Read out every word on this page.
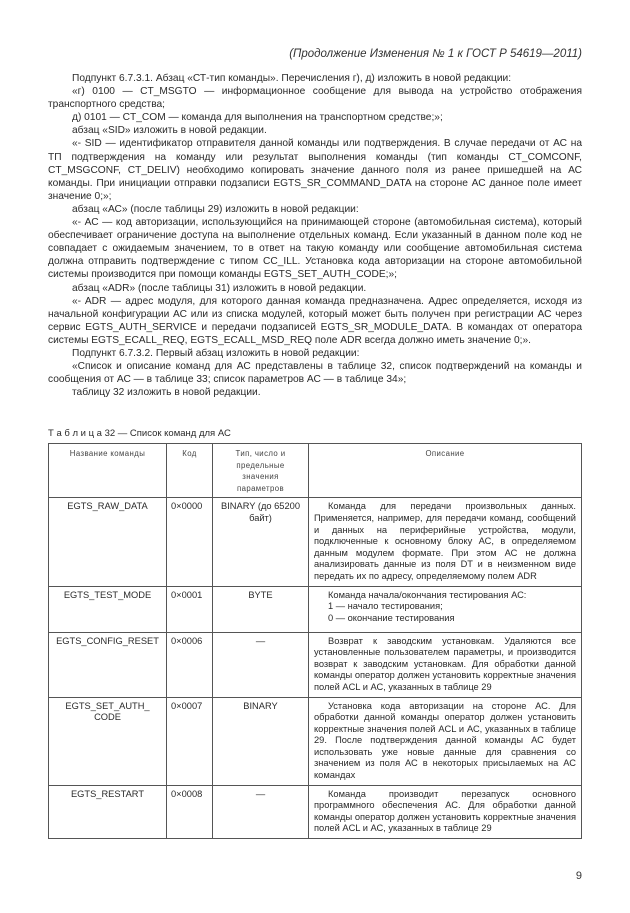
(Продолжение Изменения № 1 к ГОСТ Р 54619—2011)

Подпункт 6.7.3.1. Абзац «СТ-тип команды». Перечисления г), д) изложить в новой редакции:

«г) 0100 — CT_MSGTO — информационное сообщение для вывода на устройство отображения транспортного средства;

д) 0101 — CT_COM — команда для выполнения на транспортном средстве;»;

абзац «SID» изложить в новой редакции.

«- SID — идентификатор отправителя данной команды или подтверждения. В случае передачи от АС на ТП подтверждения на команду или результат выполнения команды (тип команды CT_COMCONF, CT_MSGCONF, CT_DELIV) необходимо копировать значение данного поля из ранее пришедшей на АС команды. При инициации отправки подзаписи EGTS_SR_COMMAND_DATA на стороне АС данное поле имеет значение 0;»;

абзац «АС» (после таблицы 29) изложить в новой редакции:

«- АС — код авторизации, использующийся на принимающей стороне (автомобильная система), который обеспечивает ограничение доступа на выполнение отдельных команд. Если указанный в данном поле код не совпадает с ожидаемым значением, то в ответ на такую команду или сообщение автомобильная система должна отправить подтверждение с типом CC_ILL. Установка кода авторизации на стороне автомобильной системы производится при помощи команды EGTS_SET_AUTH_CODE;»;

абзац «ADR» (после таблицы 31) изложить в новой редакции.

«- ADR — адрес модуля, для которого данная команда предназначена. Адрес определяется, исходя из начальной конфигурации АС или из списка модулей, который может быть получен при регистрации АС через сервис EGTS_AUTH_SERVICE и передачи подзаписей EGTS_SR_MODULE_DATA. В командах от оператора системы EGTS_ECALL_REQ, EGTS_ECALL_MSD_REQ поле ADR всегда должно иметь значение 0;».

Подпункт 6.7.3.2. Первый абзац изложить в новой редакции:

«Список и описание команд для АС представлены в таблице 32, список подтверждений на команды и сообщения от АС — в таблице 33; список параметров АС — в таблице 34»;

таблицу 32 изложить в новой редакции.

Т а б л и ц а 32 — Список команд для АС
Название команды	Код	Тип, число и предельные значения параметров	Описание
EGTS_RAW_DATA	0×0000	BINARY (до 65200 байт)	Команда для передачи произвольных данных. Применяется, например, для передачи команд, сообщений и данных на периферийные устройства, модули, подключенные к основному блоку АС, в определяемом данным модулем формате. При этом АС не должна анализировать данные из поля DT и в неизменном виде передать их по адресу, определяемому полем ADR
EGTS_TEST_MODE	0×0001	BYTE	Команда начала/окончания тестирования АС:
1 — начало тестирования;
0 — окончание тестирования

EGTS_CONFIG_RESET	0×0006	—	Возврат к заводским установкам. Удаляются все установленные пользователем параметры, и производится возврат к заводским установкам. Для обработки данной команды оператор должен установить корректные значения полей ACL и АС, указанных в таблице 29
EGTS_SET_AUTH_ CODE	0×0007	BINARY	Установка кода авторизации на стороне АС. Для обработки данной команды оператор должен установить корректные значения полей ACL и АС, указанных в таблице 29. После подтверждения данной команды АС будет использовать уже новые данные для сравнения со значением из поля АС в некоторых присылаемых на АС командах
EGTS_RESTART	0×0008	—	Команда производит перезапуск основного программного обеспечения АС. Для обработки данной команды оператор должен установить корректные значения полей ACL и АС, указанных в таблице 29
9
